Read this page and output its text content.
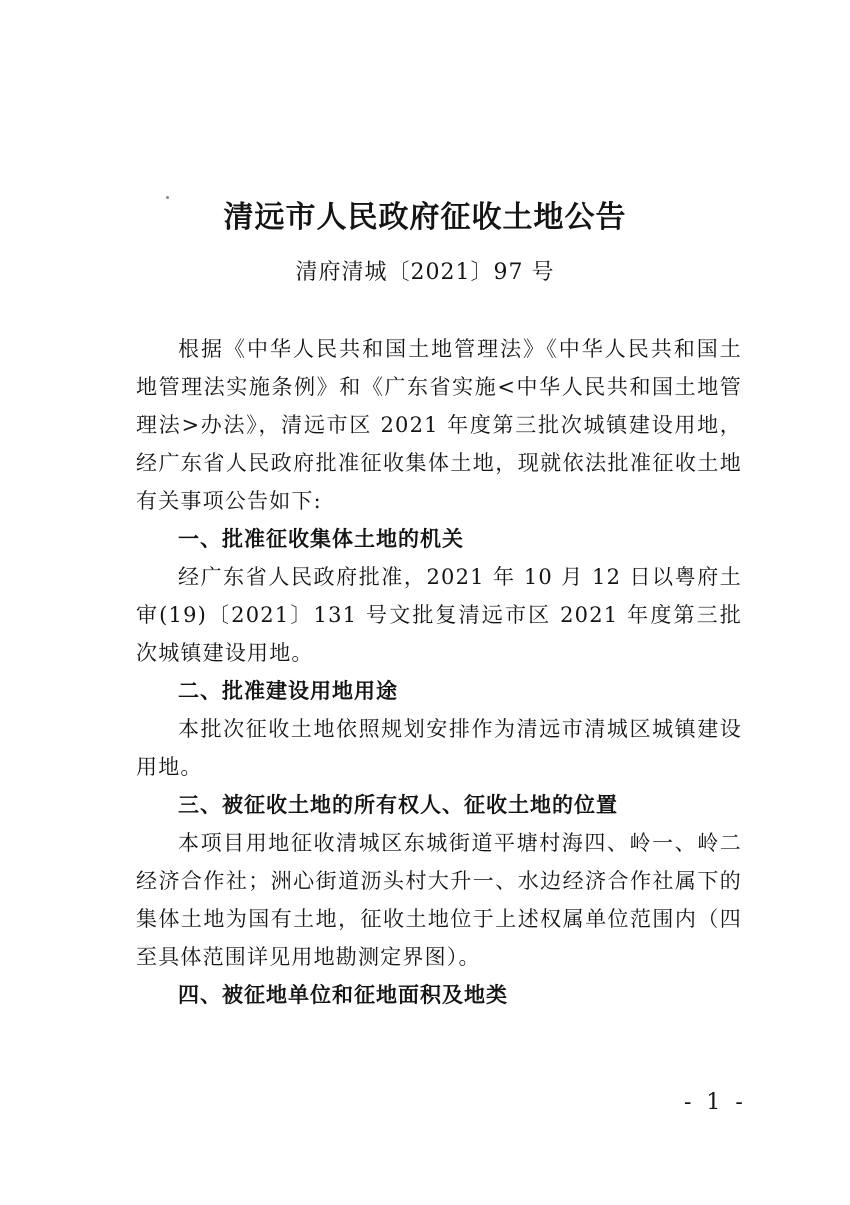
清远市人民政府征收土地公告
清府清城〔2021〕97 号

根据《中华人民共和国土地管理法》《中华人民共和国土地管理法实施条例》和《广东省实施<中华人民共和国土地管理法>办法》，清远市区 2021 年度第三批次城镇建设用地，经广东省人民政府批准征收集体土地，现就依法批准征收土地有关事项公告如下:

一、批准征收集体土地的机关

经广东省人民政府批准，2021 年 10 月 12 日以粤府土审(19)〔2021〕131 号文批复清远市区 2021 年度第三批次城镇建设用地。

二、批准建设用地用途

本批次征收土地依照规划安排作为清远市清城区城镇建设用地。

三、被征收土地的所有权人、征收土地的位置

本项目用地征收清城区东城街道平塘村海四、岭一、岭二经济合作社；洲心街道沥头村大升一、水边经济合作社属下的集体土地为国有土地，征收土地位于上述权属单位范围内（四至具体范围详见用地勘测定界图）。

四、被征地单位和征地面积及地类

- 1 -
